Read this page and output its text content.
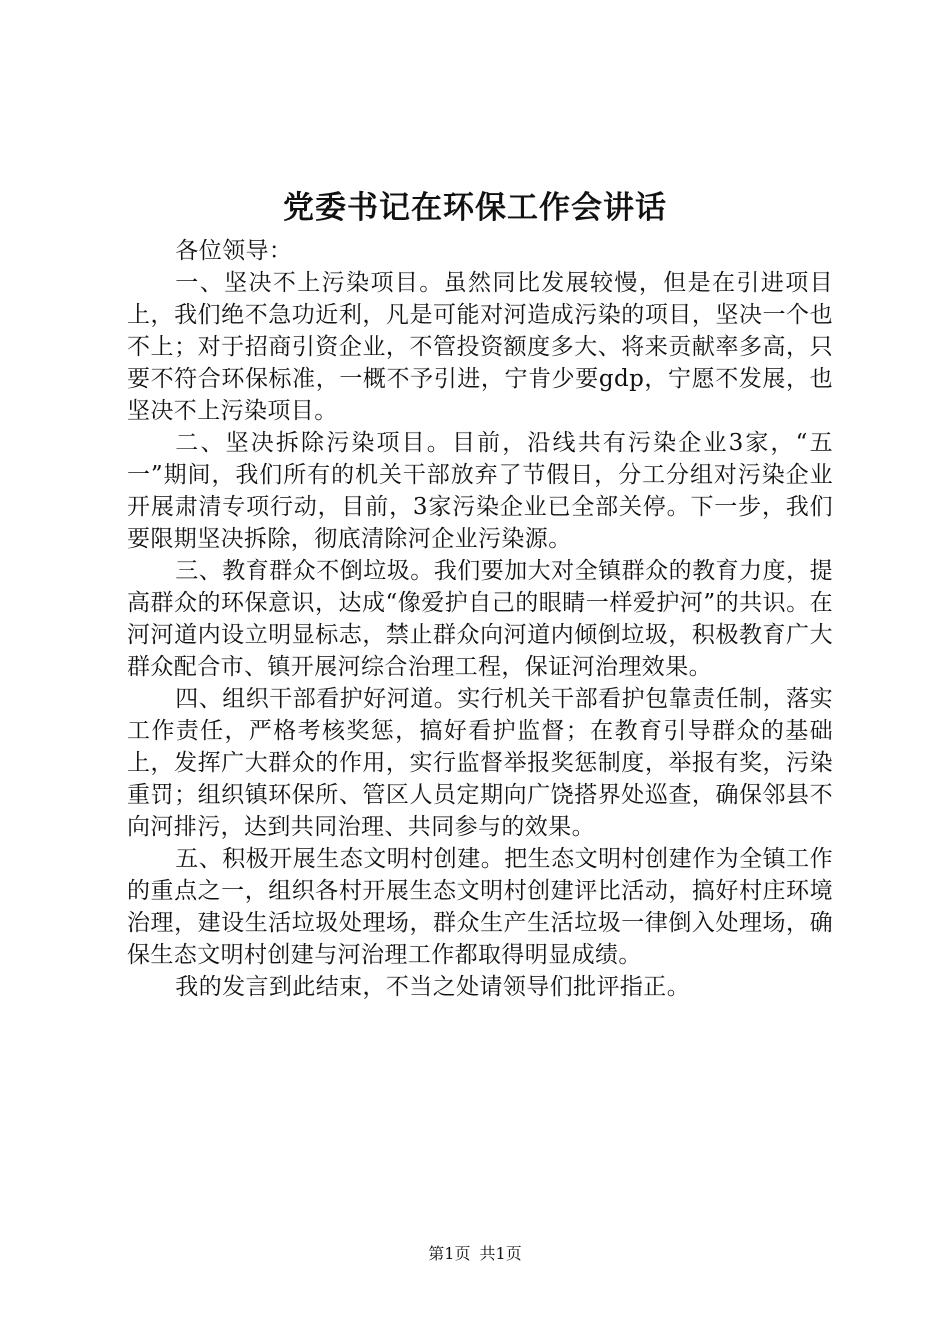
党委书记在环保工作会讲话

各位领导：

一、坚决不上污染项目。虽然同比发展较慢，但是在引进项目上，我们绝不急功近利，凡是可能对河造成污染的项目，坚决一个也不上；对于招商引资企业，不管投资额度多大、将来贡献率多高，只要不符合环保标准，一概不予引进，宁肯少要gdp，宁愿不发展，也坚决不上污染项目。

二、坚决拆除污染项目。目前，沿线共有污染企业3家，“五一”期间，我们所有的机关干部放弃了节假日，分工分组对污染企业开展肃清专项行动，目前，3家污染企业已全部关停。下一步，我们要限期坚决拆除，彻底清除河企业污染源。

三、教育群众不倒垃圾。我们要加大对全镇群众的教育力度，提高群众的环保意识，达成“像爱护自己的眼睛一样爱护河”的共识。在河河道内设立明显标志，禁止群众向河道内倾倒垃圾，积极教育广大群众配合市、镇开展河综合治理工程，保证河治理效果。

四、组织干部看护好河道。实行机关干部看护包靠责任制，落实工作责任，严格考核奖惩，搞好看护监督；在教育引导群众的基础上，发挥广大群众的作用，实行监督举报奖惩制度，举报有奖，污染重罚；组织镇环保所、管区人员定期向广饶搭界处巡查，确保邻县不向河排污，达到共同治理、共同参与的效果。

五、积极开展生态文明村创建。把生态文明村创建作为全镇工作的重点之一，组织各村开展生态文明村创建评比活动，搞好村庄环境治理，建设生活垃圾处理场，群众生产生活垃圾一律倒入处理场，确保生态文明村创建与河治理工作都取得明显成绩。

我的发言到此结束，不当之处请领导们批评指正。

第1页 共1页
